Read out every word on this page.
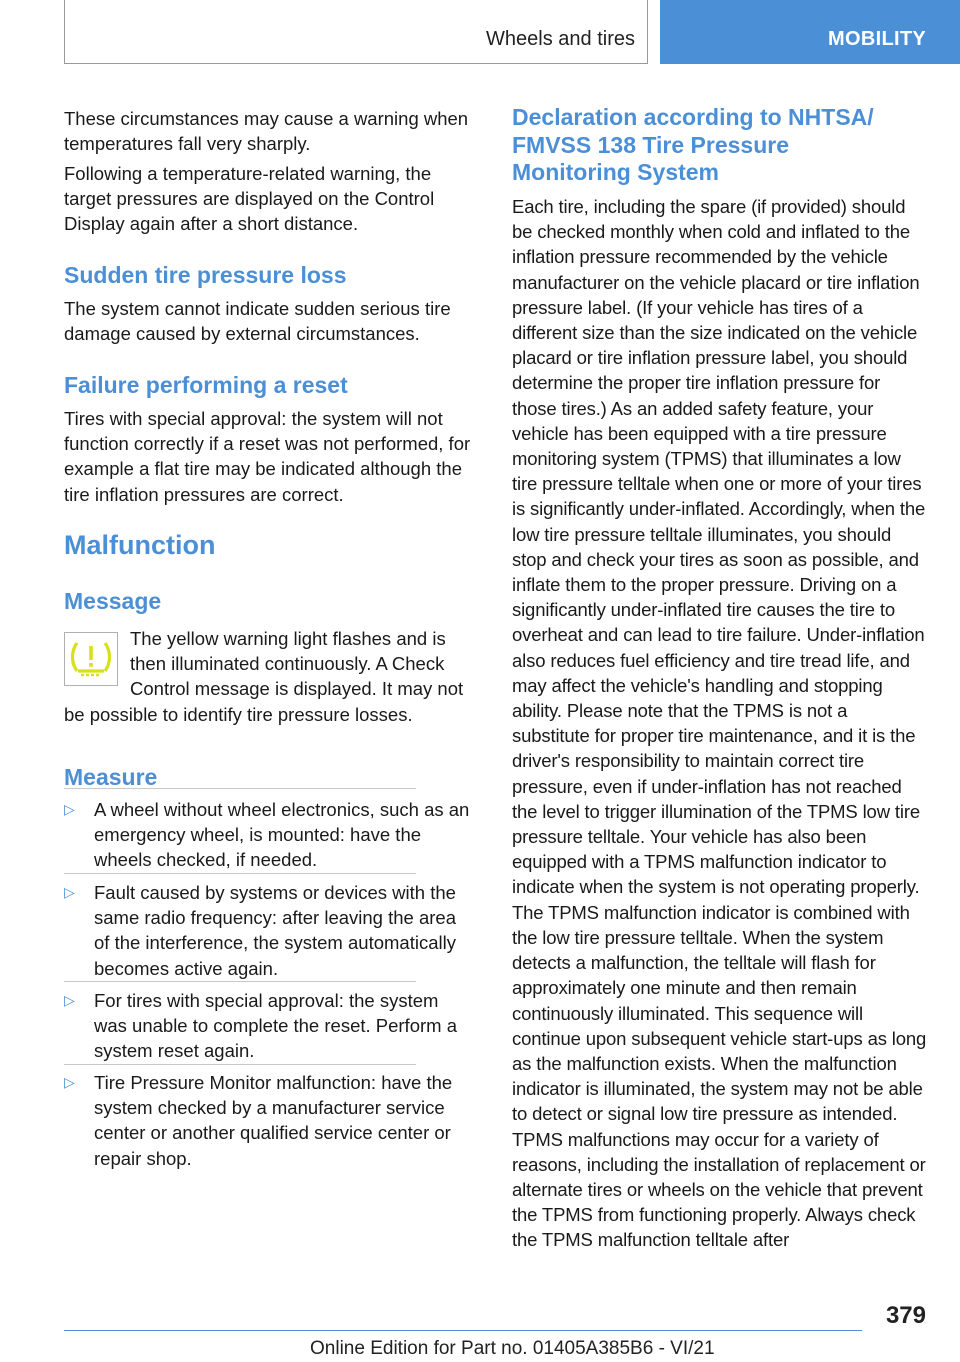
Wheels and tires	MOBILITY

These circumstances may cause a warning when temperatures fall very sharply.

Following a temperature-related warning, the target pressures are displayed on the Control Display again after a short distance.

Sudden tire pressure loss

The system cannot indicate sudden serious tire damage caused by external circumstances.

Failure performing a reset

Tires with special approval: the system will not function correctly if a reset was not performed, for example a flat tire may be indicated although the tire inflation pressures are correct.

Malfunction
Message

The yellow warning light flashes and is then illuminated continuously. A Check Control message is displayed. It may not be possible to identify tire pressure losses.

Measure
▷ A wheel without wheel electronics, such as an emergency wheel, is mounted: have the wheels checked, if needed.

▷ Fault caused by systems or devices with the same radio frequency: after leaving the area of the interference, the system automatically becomes active again.

▷ For tires with special approval: the system was unable to complete the reset. Perform a system reset again.

▷ Tire Pressure Monitor malfunction: have the system checked by a manufacturer service center or another qualified service center or repair shop.

Declaration according to NHTSA/ FMVSS 138 Tire Pressure Monitoring System

Each tire, including the spare (if provided) should be checked monthly when cold and inflated to the inflation pressure recommended by the vehicle manufacturer on the vehicle placard or tire inflation pressure label. (If your vehicle has tires of a different size than the size indicated on the vehicle placard or tire inflation pressure label, you should determine the proper tire inflation pressure for those tires.) As an added safety feature, your vehicle has been equipped with a tire pressure monitoring system (TPMS) that illuminates a low tire pressure telltale when one or more of your tires is significantly under-inflated. Accordingly, when the low tire pressure telltale illuminates, you should stop and check your tires as soon as possible, and inflate them to the proper pressure. Driving on a significantly under-inflated tire causes the tire to overheat and can lead to tire failure. Under-inflation also reduces fuel efficiency and tire tread life, and may affect the vehicle's handling and stopping ability. Please note that the TPMS is not a substitute for proper tire maintenance, and it is the driver's responsibility to maintain correct tire pressure, even if under-inflation has not reached the level to trigger illumination of the TPMS low tire pressure telltale. Your vehicle has also been equipped with a TPMS malfunction indicator to indicate when the system is not operating properly. The TPMS malfunction indicator is combined with the low tire pressure telltale. When the system detects a malfunction, the telltale will flash for approximately one minute and then remain continuously illuminated. This sequence will continue upon subsequent vehicle start-ups as long as the malfunction exists. When the malfunction indicator is illuminated, the system may not be able to detect or signal low tire pressure as intended. TPMS malfunctions may occur for a variety of reasons, including the installation of replacement or alternate tires or wheels on the vehicle that prevent the TPMS from functioning properly. Always check the TPMS malfunction telltale after

379
Online Edition for Part no. 01405A385B6 - VI/21
